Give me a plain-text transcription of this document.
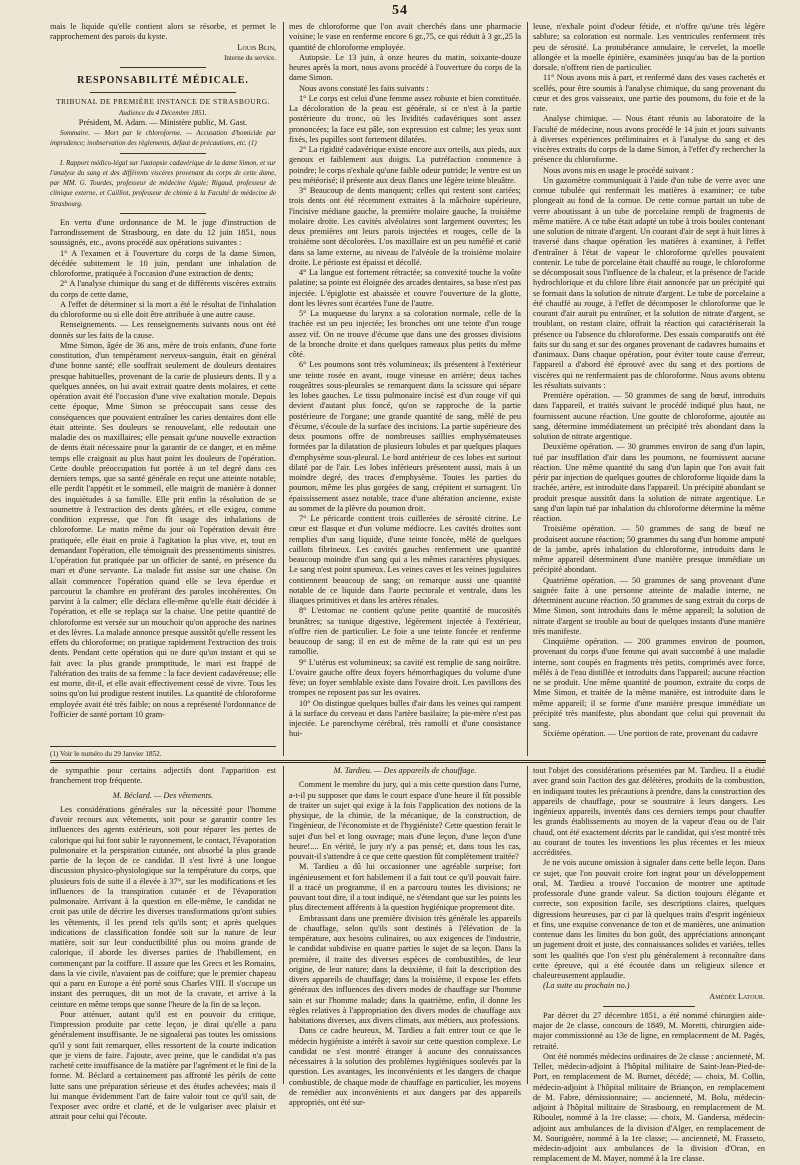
54

mais le liquide qu'elle contient alors se résorbe, et permet le rapprochement des parois du kyste.

Louis Blin,

Interne du service.

RESPONSABILITÉ MÉDICALE.
TRIBUNAL DE PREMIÈRE INSTANCE DE STRASBOURG.

Audience du 4 Décembre 1851.

Président, M. Adam. — Ministère public, M. Gast.

Sommaire. — Mort par le chloroforme. — Accusation d'homicide par imprudence; inobservation des règlements, défaut de précautions, etc. (1)

I. Rapport médico-légal sur l'autopsie cadavérique de la dame Simon, et sur l'analyse du sang et des différents viscères provenant du corps de cette dame, par MM. G. Tourdes, professeur de médecine légale; Rigaud, professeur de clinique externe, et Cailliot, professeur de chimie à la Faculté de médecine de Strasbourg.

En vertu d'une ordonnance de M. le juge d'instruction de l'arrondissement de Strasbourg, en date du 12 juin 1851, nous soussignés, etc., avons procédé aux opérations suivantes :

1° A l'examen et à l'ouverture du corps de la dame Simon, décédée subitement le 10 juin, pendant une inhalation de chloroforme, pratiquée à l'occasion d'une extraction de dents;

2° A l'analyse chimique du sang et de différents viscères extraits du corps de cette dame,

A l'effet de déterminer si la mort a été le résultat de l'inhalation du chloroforme ou si elle doit être attribuée à une autre cause.

Renseignements. — Les renseignements suivants nous ont été donnés sur les faits de la cause.

Mme Simon, âgée de 36 ans, mère de trois enfants, d'une forte constitution, d'un tempérament nerveux-sanguin, était en général d'une bonne santé; elle souffrait seulement de douleurs dentaires presque habituelles, provenant de la carie de plusieurs dents. Il y a quelques années, on lui avait extrait quatre dents molaires, et cette opération avait été l'occasion d'une vive exaltation morale. Depuis cette époque, Mme Simon se préoccupait sans cesse des conséquences que pouvaient entraîner les caries dentaires dont elle était atteinte. Ses douleurs se renouvelant, elle redoutait une maladie des os maxillaires; elle pensait qu'une nouvelle extraction de dents était nécessaire pour la garantir de ce danger, et en même temps elle craignait au plus haut point les douleurs de l'opération. Cette double préoccupation fut portée à un tel degré dans ces derniers temps, que sa santé générale en reçut une atteinte notable; elle perdit l'appétit et le sommeil, elle maigrit de manière à donner des inquiétudes à sa famille. Elle prit enfin la résolution de se soumettre à l'extraction des dents gâtées, et elle exigea, comme condition expresse, que l'on fît usage des inhalations de chloroforme. Le matin même du jour où l'opération devait être pratiquée, elle était en proie à l'agitation la plus vive, et, tout en demandant l'opération, elle témoignait des pressentiments sinistres. L'opération fut pratiquée par un officier de santé, en présence du mari et d'une servante. La malade fut assise sur une chaise. On allait commencer l'opération quand elle se leva éperdue et parcourut la chambre en proférant des paroles incohérentes. On parvint à la calmer; elle déclara elle-même qu'elle était décidée à l'opération, et elle se replaça sur la chaise. Une petite quantité de chloroforme est versée sur un mouchoir qu'on approche des narines et des lèvres. La malade annonce presque aussitôt qu'elle ressent les effets du chloroforme; on pratique rapidement l'extraction des trois dents. Pendant cette opération qui ne dure qu'un instant et qui se fait avec la plus grande promptitude, le mari est frappé de l'altération des traits de sa femme : la face devient cadavéreuse; elle est morte, dit-il, et elle avait effectivement cessé de vivre. Tous les soins qu'on lui prodigue restent inutiles. La quantité de chloroforme employée avait été très faible; on nous a représenté l'ordonnance de l'officier de santé portant 10 gram-

(1) Voir le numéro du 29 Janvier 1852.

mes de chloroforme que l'on avait cherchés dans une pharmacie voisine; le vase en renferme encore 6 gr.,75, ce qui réduit à 3 gr.,25 la quantité de chloroforme employée.

Autopsie. Le 13 juin, à onze heures du matin, soixante-douze heures après la mort, nous avons procédé à l'ouverture du corps de la dame Simon.

Nous avons constaté les faits suivants :

1° Le corps est celui d'une femme assez robuste et bien constituée. La décoloration de la peau est générale, si ce n'est à la partie postérieure du tronc, où les lividités cadavériques sont assez prononcées; la face est pâle, son expression est calme; les yeux sont fixés, les pupilles sont fortement dilatées.

2° La rigidité cadavérique existe encore aux orteils, aux pieds, aux genoux et faiblement aux doigts. La putréfaction commence à poindre; le corps n'exhale qu'une faible odeur putride; le ventre est un peu météorisé; il présente aux deux flancs une légère teinte bleuâtre.

3° Beaucoup de dents manquent; celles qui restent sont cariées; trois dents ont été récemment extraites à la mâchoire supérieure, l'incisive médiane gauche, la première molaire gauche, la troisième molaire droite. Les cavités alvéolaires sont largement ouvertes; les deux premières ont leurs parois injectées et rouges, celle de la troisième sont décolorées. L'os maxillaire est un peu tuméfié et carié dans sa lame externe, au niveau de l'alvéole de la troisième molaire droite. Le périoste est épaissi et décollé.

4° La langue est fortement rétractée; sa convexité touche la voûte palatine; sa pointe est éloignée des arcades dentaires, sa base n'est pas injectée. L'épiglotte est abaissée et couvre l'ouverture de la glotte, dont les lèvres sont écartées l'une de l'autre.

5° La muqueuse du larynx a sa coloration normale, celle de la trachée est un peu injectée; les bronches ont une teinte d'un rouge assez vif. On ne trouve d'écume que dans une des grosses divisions de la bronche droite et dans quelques rameaux plus petits du même côté.

6° Les poumons sont très volumineux; ils présentent à l'extérieur une teinte rosée en avant, rouge vineuse en arrière; deux taches rougeâtres sous-pleurales se remarquent dans la scissure qui sépare les lobes gauches. Le tissu pulmonaire incisé est d'un rouge vif qui devient d'autant plus foncé, qu'on se rapproche de la partie postérieure de l'organe; une grande quantité de sang, mêlé de peu d'écume, s'écoule de la surface des incisions. La partie supérieure des deux poumons offre de nombreuses saillies emphysémateuses formées par la dilatation de plusieurs lobules et par quelques plaques d'emphysème sous-pleural. Le bord antérieur de ces lobes est surtout dilaté par de l'air. Les lobes inférieurs présentent aussi, mais à un moindre degré, des traces d'emphysème. Toutes les parties du poumon, même les plus gorgées de sang, crépitent et surnagent. Un épaississement assez notable, trace d'une altération ancienne, existe au sommet de la plèvre du poumon droit.

7° Le péricarde contient trois cuillerées de sérosité citrine. Le cœur est flasque et d'un volume médiocre. Les cavités droites sont remplies d'un sang liquide, d'une teinte foncée, mêlé de quelques caillots fibrineux. Les cavités gauches renferment une quantité beaucoup moindre d'un sang qui a les mêmes caractères physiques. Le sang n'est point spumeux. Les veines caves et les veines jugulaires contiennent beaucoup de sang; on remarque aussi une quantité notable de ce liquide dans l'aorte pectorale et ventrale, dans les iliaques primitives et dans les artères rénales.

8° L'estomac ne contient qu'une petite quantité de mucosités brunâtres; sa tunique digestive, légèrement injectée à l'extérieur, n'offre rien de particulier. Le foie a une teinte foncée et renferme beaucoup de sang; il en est de même de la rate qui est un peu ramollie.

9° L'utérus est volumineux; sa cavité est remplie de sang noirâtre. L'ovaire gauche offre deux foyers hémorrhagiques du volume d'une fève; un foyer semblable existe dans l'ovaire droit. Les pavillons des trompes ne reposent pas sur les ovaires.

10° On distingue quelques bulles d'air dans les veines qui rampent à la surface du cerveau et dans l'artère basilaire; la pie-mère n'est pas injectée. Le parenchyme cérébral, très ramolli et d'une consistance hui-

leuse, n'exhale point d'odeur fétide, et n'offre qu'une très légère sablure; sa coloration est normale. Les ventricules renferment très peu de sérosité. La protubérance annulaire, le cervelet, la moelle allongée et la moelle épinière, examinées jusqu'au bas de la portion dorsale, n'offrent rien de particulier.

11° Nous avons mis à part, et renfermé dans des vases cachetés et scellés, pour être soumis à l'analyse chimique, du sang provenant du cœur et des gros vaisseaux, une partie des poumons, du foie et de la rate.

Analyse chimique. — Nous étant réunis au laboratoire de la Faculté de médecine, nous avons procédé le 14 juin et jours suivants à diverses expériences préliminaires et à l'analyse du sang et des viscères extraits du corps de la dame Simon, à l'effet d'y rechercher la présence du chloroforme.

Nous avons mis en usage le procédé suivant :

Un gazomètre communiquait à l'aide d'un tube de verre avec une cornue tubulée qui renfermait les matières à examiner; ce tube plongeait au fond de la cornue. De cette cornue partait un tube de verre aboutissant à un tube de porcelaine rempli de fragments de même matière. A ce tube était adapté un tube à trois boules contenant une solution de nitrate d'argent. Un courant d'air de sept à huit litres à traversé dans chaque opération les matières à examiner, à l'effet d'entraîner à l'état de vapeur le chloroforme qu'elles pouvaient contenir. Le tube de porcelaine était chauffé au rouge, le chloroforme se décomposait sous l'influence de la chaleur, et la présence de l'acide hydrochlorique et du chlore libre était annoncée par un précipité qui se formait dans la solution de nitrate d'argent. Le tube de porcelaine a été chauffé au rouge, à l'effet de décomposer le chloroforme que le courant d'air aurait pu entraîner, et la solution de nitrate d'argent, se troublant, on restant claire, offrait la réaction qui caractériserait la présence ou l'absence du chloroforme. Des essais comparatifs ont été faits sur du sang et sur des organes provenant de cadavres humains et d'animaux. Dans chaque opération, pour éviter toute cause d'erreur, l'appareil a d'abord été éprouvé avec du sang et des portions de viscères qui ne renfermaient pas de chloroforme. Nous avons obtenu les résultats suivants :

Première opération. — 50 grammes de sang de bœuf, introduits dans l'appareil, et traités suivant le procédé indiqué plus haut, ne fournissent aucune réaction. Une goutte de chloroforme, ajoutée au sang, détermine immédiatement un précipité très abondant dans la solution de nitrate argentique.

Deuxième opération. — 30 grammes environ de sang d'un lapin, tué par insufflation d'air dans les poumons, ne fournissent aucune réaction. Une même quantité du sang d'un lapin que l'on avait fait périr par injection de quelques gouttes de chloroforme liquide dans la trachée, artère, est introduite dans l'appareil. Un précipité abondant se produit presque aussitôt dans la solution de nitrate argentique. Le sang d'un lapin tué par inhalation du chloroforme détermine la même réaction.

Troisième opération. — 50 grammes de sang de bœuf ne produisent aucune réaction; 50 grammes du sang d'un homme amputé de la jambe, après inhalation du chloroforme, introduits dans le même appareil déterminent d'une manière presque immédiate un précipité abondant.

Quatrième opération. — 50 grammes de sang provenant d'une saignée faite à une personne atteinte de maladie interne, ne déterminent aucune réaction. 50 grammes de sang extrait du corps de Mme Simon, sont introduits dans le même appareil; la solution de nitrate d'argent se trouble au bout de quelques instants d'une manière très manifeste.

Cinquième opération. — 200 grammes environ de poumon, provenant du corps d'une femme qui avait succombé à une maladie interne, sont coupés en fragments très petits, comprimés avec force, mêlés à de l'eau distillée et introduits dans l'appareil; aucune réaction ne se produit. Une même quantité de poumon, extraite du corps de Mme Simon, et traitée de la même manière, est introduite dans le même appareil; il se forme d'une manière presque immédiate un précipité très manifeste, plus abondant que celui qui provenait du sang.

Sixième opération. — Une portion de rate, provenant du cadavre

de sympathie pour certains adjectifs dont l'apparition est franchement trop fréquente.

M. Béclard. — Des vêtements.

Les considérations générales sur la nécessité pour l'homme d'avoir recours aux vêtements, soit pour se garantir contre les influences des agents extérieurs, soit pour réparer les pertes de calorique qui lui font subir le rayonnement, le contact, l'évaporation pulmonaire et la perspiration cutanée, ont absorbé la plus grande partie de la leçon de ce candidat. Il s'est livré à une longue discussion physico-physiologique sur la température du corps, que plusieurs fois de suite il a élevée à 37°, sur les modifications et les influences de la transpiration cutanée et de l'évaporation pulmonaire. Arrivant à la question en elle-même, le candidat ne croit pas utile de décrire les diverses transformations qu'ont subies les vêtements, il les prend tels qu'ils sont; et après quelques indications de classification fondée soit sur la nature de leur matière, soit sur leur conductibilité plus ou moins grande de calorique, il aborde les diverses parties de l'habillement, en commençant par la coiffure. Il assure que les Grecs et les Romains, dans la vie civile, n'avaient pas de coiffure; que le premier chapeau qui a paru en Europe a été porté sous Charles VIII. Il s'occupe un instant des perruques, dit un mot de la cravate, et arrive à la ceinture en même temps que sonne l'heure de la fin de sa leçon.

Pour atténuer, autant qu'il est en pouvoir du critique, l'impression produite par cette leçon, je dirai qu'elle a paru généralement insuffisante. Je ne signalerai pas toutes les omissions qu'il y sont fait remarquer, elles ressortent de la courte indication que je viens de faire. J'ajoute, avec peine, que le candidat n'a pas racheté cette insuffisance de la matière par l'agrément et le fini de la forme. M. Béclard a certainement pas affronté les périls de cette lutte sans une préparation sérieuse et des études achevées; mais il lui manque évidemment l'art de faire valoir tout ce qu'il sait, de l'exposer avec ordre et clarté, et de le vulgariser avec plaisir et attrait pour celui qui l'écoute.

M. Tardieu. — Des appareils de chauffage.

Comment le membre du jury, qui a mis cette question dans l'urne, a-t-il pu supposer que dans le court espace d'une heure il fût possible de traiter un sujet qui exige à la fois l'application des notions de la physique, de la chimie, de la mécanique, de la construction, de l'ingénieur, de l'économiste et de l'hygiéniste? Cette question ferait le sujet d'un bel et long ouvrage; mais d'une leçon, d'une leçon d'une heure!.... En vérité, le jury n'y a pas pensé; et, dans tous les cas, pouvait-il s'attendre à ce que cette question fût complètement traitée?

M. Tardieu a dû lui occasionner une agréable surprise; fort ingénieusement et fort habilement il a fait tout ce qu'il pouvait faire. Il a tracé un programme, il en a parcouru toutes les divisions; ne pouvant tout dire, il a tout indiqué, ne s'étendant que sur les points les plus directement afférents à la question hygiénique proprement dite.

Embrassant dans une première division très générale les appareils de chauffage, selon qu'ils sont destinés à l'élévation de la température, aux besoins culinaires, ou aux exigences de l'industrie, le candidat subdivise en quatre parties le sujet de sa leçon. Dans la première, il traite des diverses espèces de combustibles, de leur origine, de leur nature; dans la deuxième, il fait la description des divers appareils de chauffage; dans la troisième, il expose les effets généraux des influences des divers modes de chauffage sur l'homme sain et sur l'homme malade; dans la quatrième, enfin, il donne les règles relatives à l'appropriation des divers modes de chauffage aux habitations diverses, aux divers climats, aux métiers, aux professions.

Dans ce cadre heureux, M. Tardieu a fait entrer tout ce que le médecin hygiéniste a intérêt à savoir sur cette question complexe. Le candidat ne s'est montré étranger à aucune des connaissances nécessaires à la solution des problèmes hygiéniques soulevés par la question. Les avantages, les inconvénients et les dangers de chaque combustible, de chaque mode de chauffage en particulier, les moyens de remédier aux inconvénients et aux dangers par des appareils appropriés, ont été sur-

tout l'objet des considérations présentées par M. Tardieu. Il a étudié avec grand soin l'action des gaz délétères, produits de la combustion, en indiquant toutes les précautions à prendre, dans la construction des appareils de chauffage, pour se soustraire à leurs dangers. Les ingénieux appareils, inventés dans ces derniers temps pour chauffer les grands établissements au moyen de la vapeur d'eau ou de l'air chaud, ont été exactement décrits par le candidat, qui s'est montré très au courant de toutes les inventions les plus récentes et les mieux accréditées.

Je ne vois aucune omission à signaler dans cette belle leçon. Dans ce sujet, que l'on pouvait croire fort ingrat pour un développement oral, M. Tardieu a trouvé l'occasion de montrer une aptitude professorale d'une grande valeur. Sa diction toujours élégante et correcte, son exposition facile, ses descriptions claires, quelques digressions heureuses, par ci par là quelques traits d'esprit ingénieux et fins, une exquise convenance de ton et de manières, une animation contenue dans les limites du bon goût, des appréciations annonçant un jugement droit et juste, des connaissances solides et variées, telles sont les qualités que l'on s'est plu généralement à reconnaître dans cette épreuve, qui a été écoutée dans un religieux silence et chaleureusement applaudie.

(La suite au prochain no.)

Amédée Latour.

Par décret du 27 décembre 1851, a été nommé chirurgien aide-major de 2e classe, concours de 1849, M. Moretti, chirurgien aide-major commissionné au 13e de ligne, en remplacement de M. Pagès, retraité.

Ont été nommés médecins ordinaires de 2e classe : ancienneté, M. Teller, médecin-adjoint à l'hôpital militaire de Saint-Jean-Pied-de-Port, en remplacement de M. Burnet, décédé; — choix, M. Collin, médecin-adjoint à l'hôpital militaire de Briançon, en remplacement de M. Fabre, démissionnaire; — ancienneté, M. Bolu, médecin-adjoint à l'hôpital militaire de Strasbourg, en remplacement de M. Ribouleț, nommé à la 1re classe; — choix, M. Gandersa, médecin-adjoint aux ambulances de la division d'Alger, en remplacement de M. Sourigoère, nommé à la 1re classe; — ancienneté, M. Frasseto, médecin-adjoint aux ambulances de la division d'Oran, en remplacement de M. Mayer, nommé à la 1re classe.
